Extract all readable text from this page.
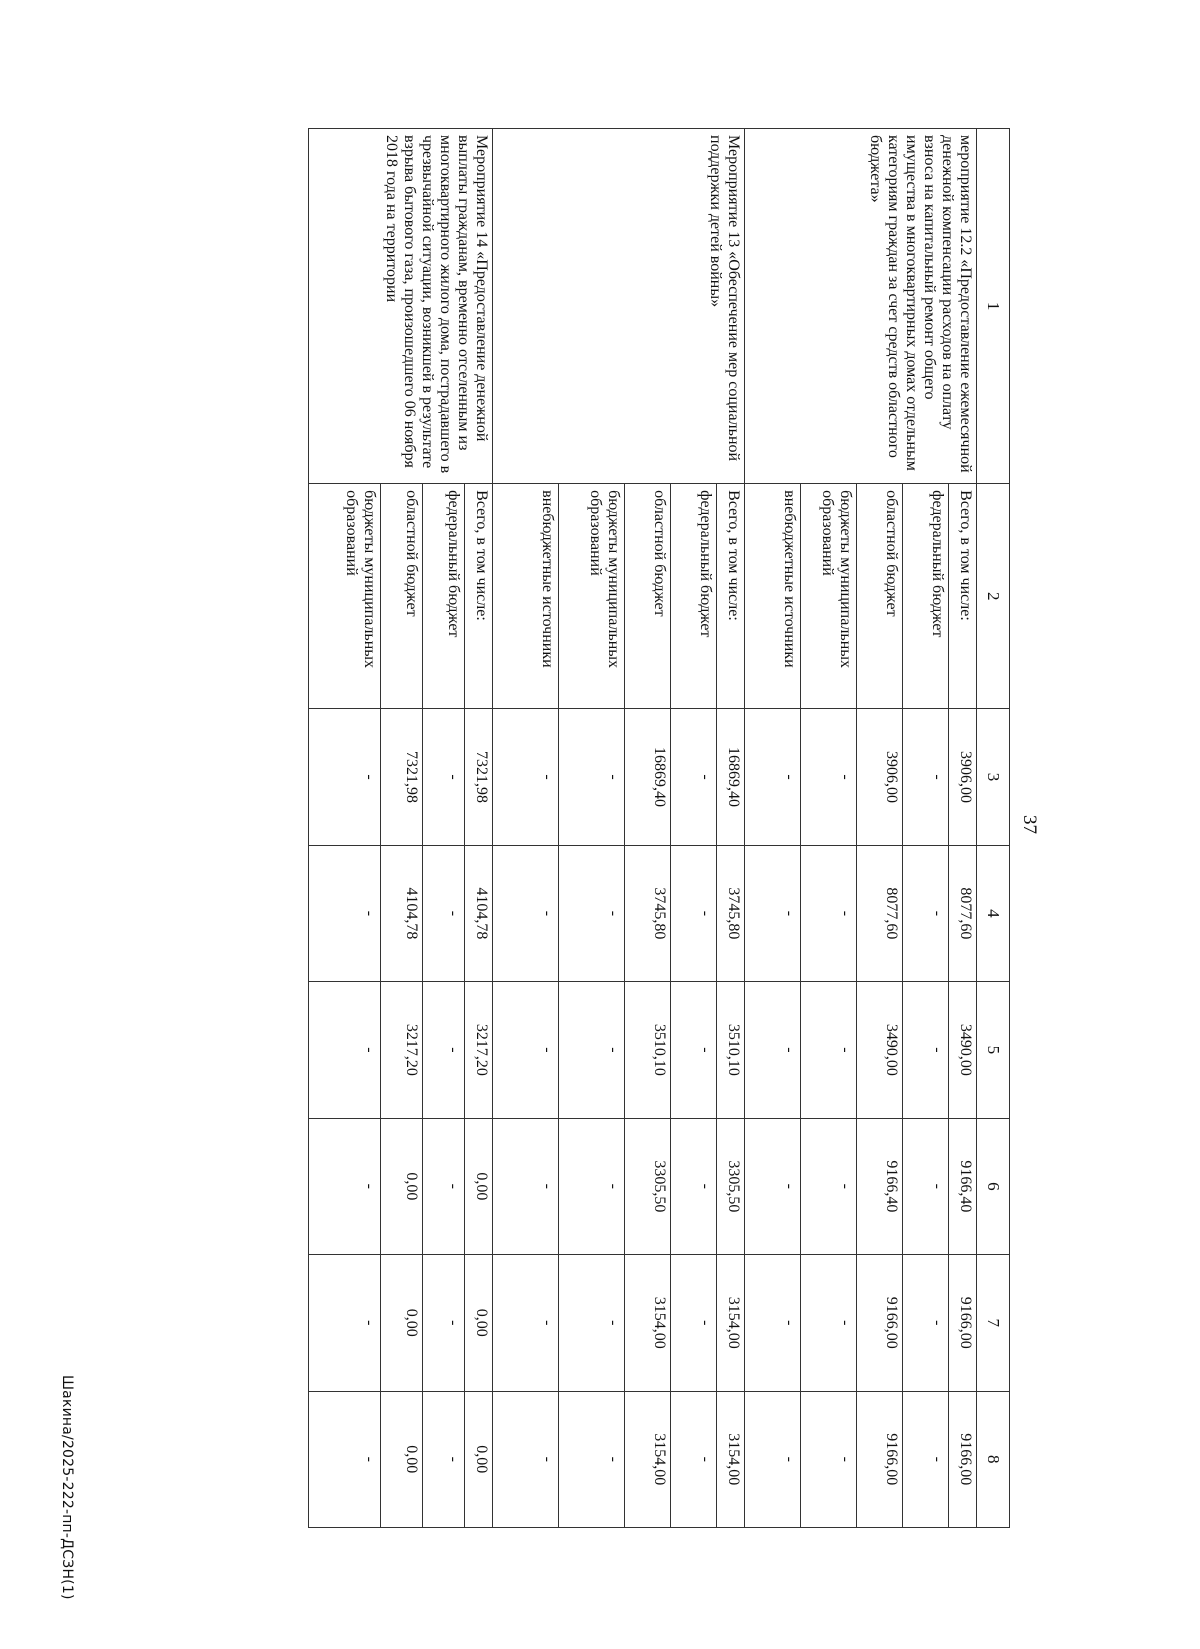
37
1	2	3	4	5	6	7	8
мероприятие 12.2 «Предоставление ежемесячной денежной компенсации расходов на оплату взноса на капитальный ремонт общего имущества в многоквартирных домах отдельным категориям граждан за счет средств областного бюджета»	Всего, в том числе:	3906,00	8077,60	3490,00	9166,40	9166,00	9166,00
	федеральный бюджет	-	-	-	-	-	-
	областной бюджет	3906,00	8077,60	3490,00	9166,40	9166,00	9166,00
	бюджеты муниципальных образований	-	-	-	-	-	-
	внебюджетные источники	-	-	-	-	-	-
Мероприятие 13 «Обеспечение мер социальной поддержки детей войны»	Всего, в том числе:	16869,40	3745,80	3510,10	3305,50	3154,00	3154,00
	федеральный бюджет	-	-	-	-	-	-
	областной бюджет	16869,40	3745,80	3510,10	3305,50	3154,00	3154,00
	бюджеты муниципальных образований	-	-	-	-	-	-
	внебюджетные источники	-	-	-	-	-	-
Мероприятие 14 «Предоставление денежной выплаты гражданам, временно отселенным из многоквартирного жилого дома, пострадавшего в чрезвычайной ситуации, возникшей в результате взрыва бытового газа, произошедшего 06 ноября 2018 года на территории	Всего, в том числе:	7321,98	4104,78	3217,20	0,00	0,00	0,00
	федеральный бюджет	-	-	-	-	-	-
	областной бюджет	7321,98	4104,78	3217,20	0,00	0,00	0,00
	бюджеты муниципальных образований	-	-	-	-	-	-
Шакина/2025-222-пп-ДСЗН(1)
